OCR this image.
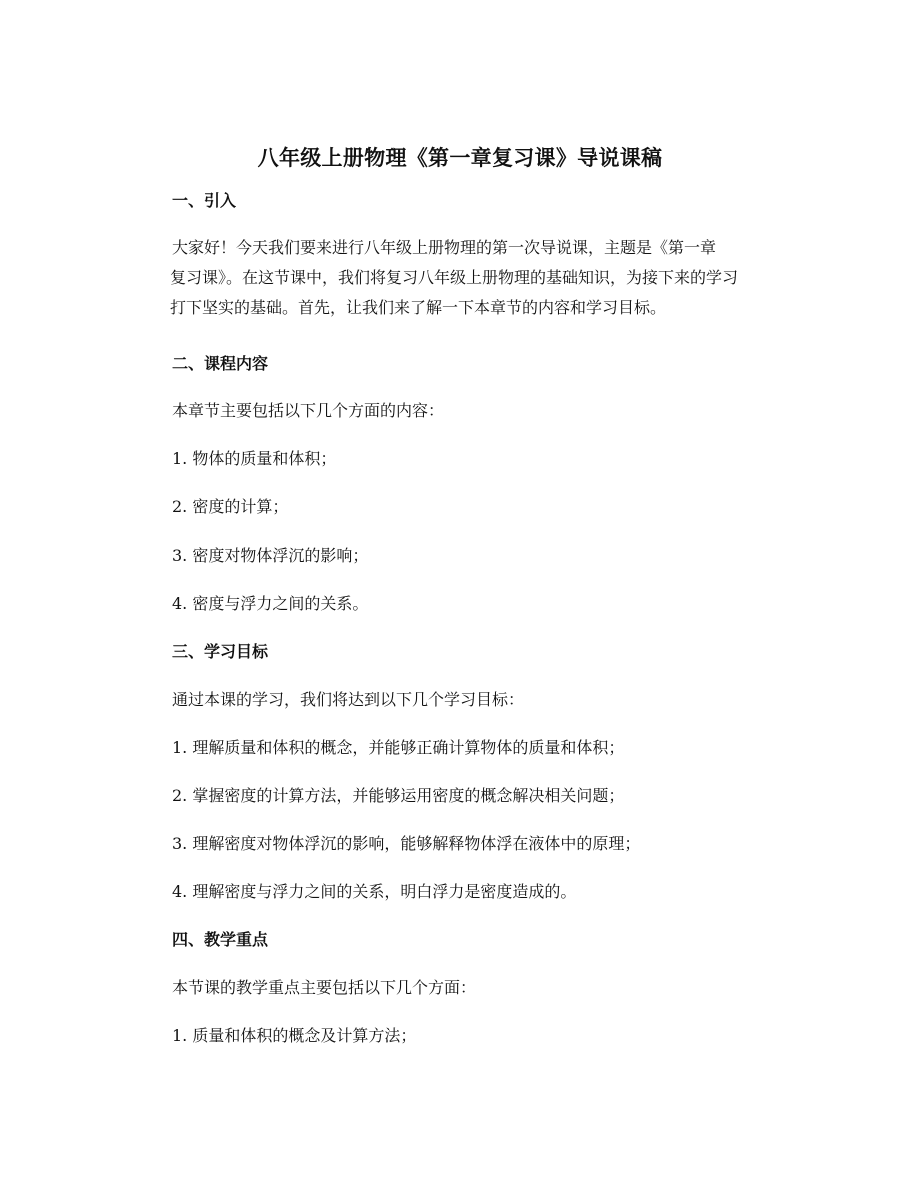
八年级上册物理《第一章复习课》导说课稿
一、引入
大家好！今天我们要来进行八年级上册物理的第一次导说课，主题是《第一章
复习课》。在这节课中，我们将复习八年级上册物理的基础知识，为接下来的学习
打下坚实的基础。首先，让我们来了解一下本章节的内容和学习目标。
二、课程内容
本章节主要包括以下几个方面的内容：
1. 物体的质量和体积；
2. 密度的计算；
3. 密度对物体浮沉的影响；
4. 密度与浮力之间的关系。
三、学习目标
通过本课的学习，我们将达到以下几个学习目标：
1. 理解质量和体积的概念，并能够正确计算物体的质量和体积；
2. 掌握密度的计算方法，并能够运用密度的概念解决相关问题；
3. 理解密度对物体浮沉的影响，能够解释物体浮在液体中的原理；
4. 理解密度与浮力之间的关系，明白浮力是密度造成的。
四、教学重点
本节课的教学重点主要包括以下几个方面：
1. 质量和体积的概念及计算方法；
